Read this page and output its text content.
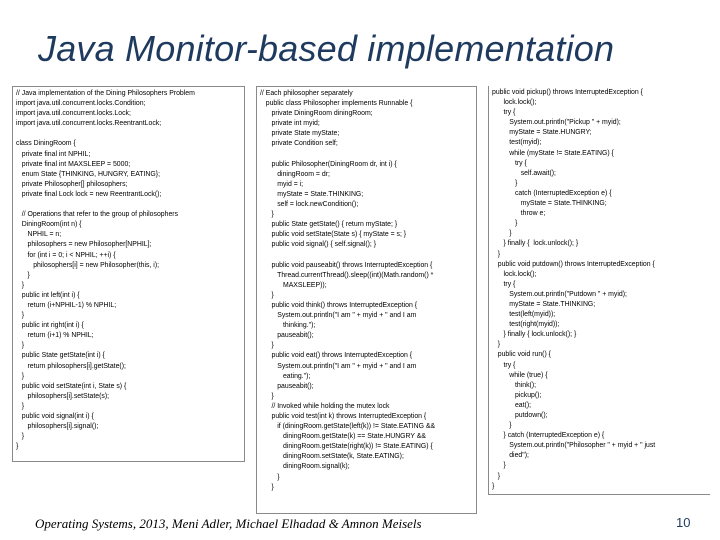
Java Monitor-based implementation
// Java implementation of the Dining Philosophers Problem
import java.util.concurrent.locks.Condition;
import java.util.concurrent.locks.Lock;
import java.util.concurrent.locks.ReentrantLock;

class DiningRoom {
private final int NPHIL;
private final int MAXSLEEP = 5000;
enum State {THINKING, HUNGRY, EATING};
private Philosopher[] philosophers;
private final Lock lock = new ReentrantLock();

// Operations that refer to the group of philosophers
DiningRoom(int n) {
NPHIL = n;
philosophers = new Philosopher[NPHIL];
for (int i = 0; i < NPHIL; ++i) {
philosophers[i] = new Philosopher(this, i);
}
}
public int left(int i) {
return (i+NPHIL-1) % NPHIL;
}
public int right(int i) {
return (i+1) % NPHIL;
}
public State getState(int i) {
return philosophers[i].getState();
}
public void setState(int i, State s) {
philosophers[i].setState(s);
}
public void signal(int i) {
philosophers[i].signal();
}
}
// Each philosopher separately
public class Philosopher implements Runnable {
private DiningRoom diningRoom;
private int myid;
private State myState;
private Condition self;

public Philosopher(DiningRoom dr, int i) {
diningRoom = dr;
myid = i;
myState = State.THINKING;
self = lock.newCondition();
}
public State getState() { return myState; }
public void setState(State s) { myState = s; }
public void signal() { self.signal(); }

public void pauseabit() throws InterruptedException {
Thread.currentThread().sleep((int)(Math.random() *
MAXSLEEP));
}
public void think() throws InterruptedException {
System.out.println("I am " + myid + " and I am
thinking.");
pauseabit();
}
public void eat() throws InterruptedException {
System.out.println("I am " + myid + " and I am
eating.");
pauseabit();
}
// Invoked while holding the mutex lock
public void test(int k) throws InterruptedException {
if (diningRoom.getState(left(k)) != State.EATING &&
diningRoom.getState(k) == State.HUNGRY &&
diningRoom.getState(right(k)) != State.EATING) {
diningRoom.setState(k, State.EATING);
diningRoom.signal(k);
}
}
public void pickup() throws InterruptedException {
lock.lock();
try {
System.out.println("Pickup " + myid);
myState = State.HUNGRY;
test(myid);
while (myState != State.EATING) {
try {
self.await();
}
catch (InterruptedException e) {
myState = State.THINKING;
throw e;
}
}
} finally {  lock.unlock(); }
}
public void putdown() throws InterruptedException {
lock.lock();
try {
System.out.println("Putdown " + myid);
myState = State.THINKING;
test(left(myid));
test(right(myid));
} finally { lock.unlock(); }
}
public void run() {
try {
while (true) {
think();
pickup();
eat();
putdown();
}
} catch (InterruptedException e) {
System.out.println("Philosopher " + myid + " just
died");
}
}
}
Operating Systems, 2013, Meni Adler, Michael Elhadad & Amnon Meisels	10
